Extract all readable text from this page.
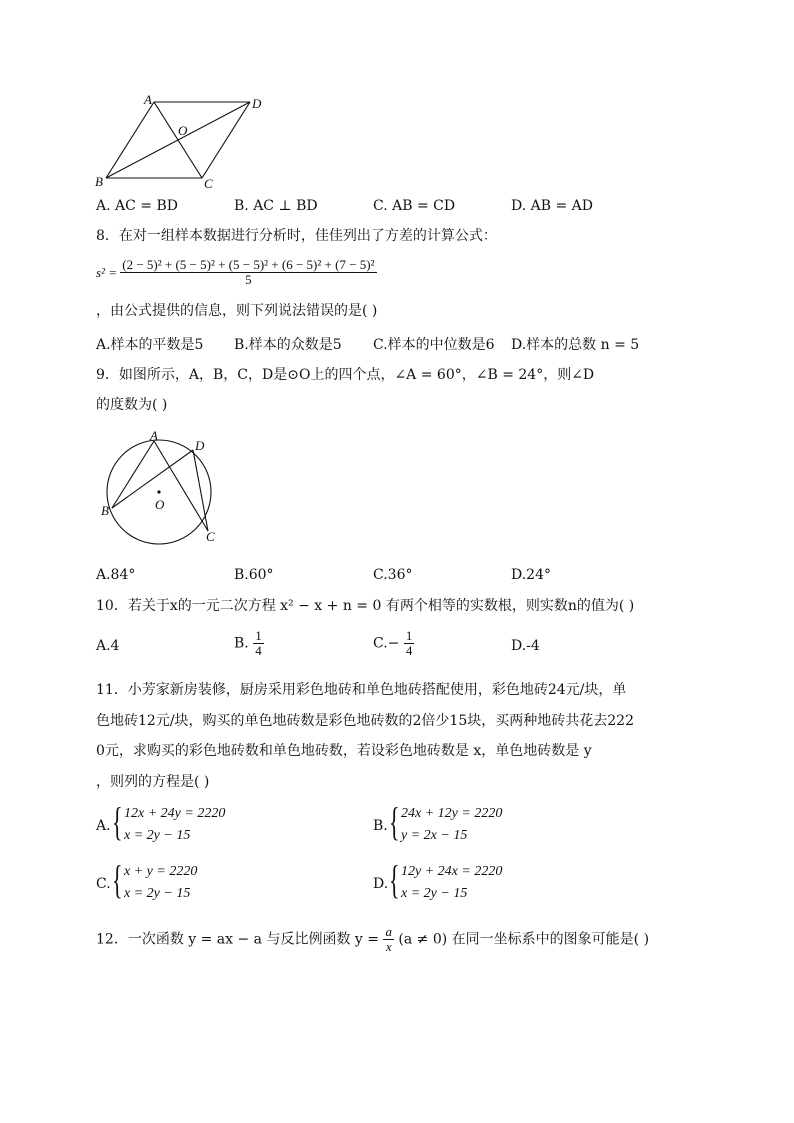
A	D
O
B	C
A. AC = BD	B. AC ⊥ BD	C. AB = CD	D. AB = AD
8．在对一组样本数据进行分析时，佳佳列出了方差的计算公式：
$s^2 = \frac{\text{(2 − 5)² + (5 − 5)² + (5 − 5)² + (6 − 5)² + (7 − 5)²}}{5}$
，由公式提供的信息，则下列说法错误的是( )
A.样本的平数是5 B.样本的众数是5 C.样本的中位数是6 D.样本的总数 n = 5
9．如图所示，A，B，C，D是⊙O上的四个点，∠A = 60°，∠B = 24°，则∠D
的度数为( )
A
D
O
B
C
A.84°	B.60°	C.36°	D.24°
10．若关于x的一元二次方程 x² − x + n = 0 有两个相等的实数根，则实数n的值为( )
A.4	B. $\frac{1}{4}$	$C.- \frac{1}{4}$	D.-4
11．小芳家新房装修，厨房采用彩色地砖和单色地砖搭配使用，彩色地砖24元/块，单
色地砖12元/块，购买的单色地砖数是彩色地砖数的2倍少15块，买两种地砖共花去222
0元，求购买的彩色地砖数和单色地砖数，若设彩色地砖数是 x，单色地砖数是 y
，则列的方程是( )
A. { 12x + 24y = 2220
x = 2y − 15
B. { 24x + 12y = 2220
y = 2x − 15
C. { x + y = 2220
x = 2y − 15
D. { 12y + 24x = 2220
x = 2y − 15
12．一次函数 y = ax − a 与反比例函数 $y = \frac{a}{x} (a \ne 0)$ 在同一坐标系中的图象可能是( )
